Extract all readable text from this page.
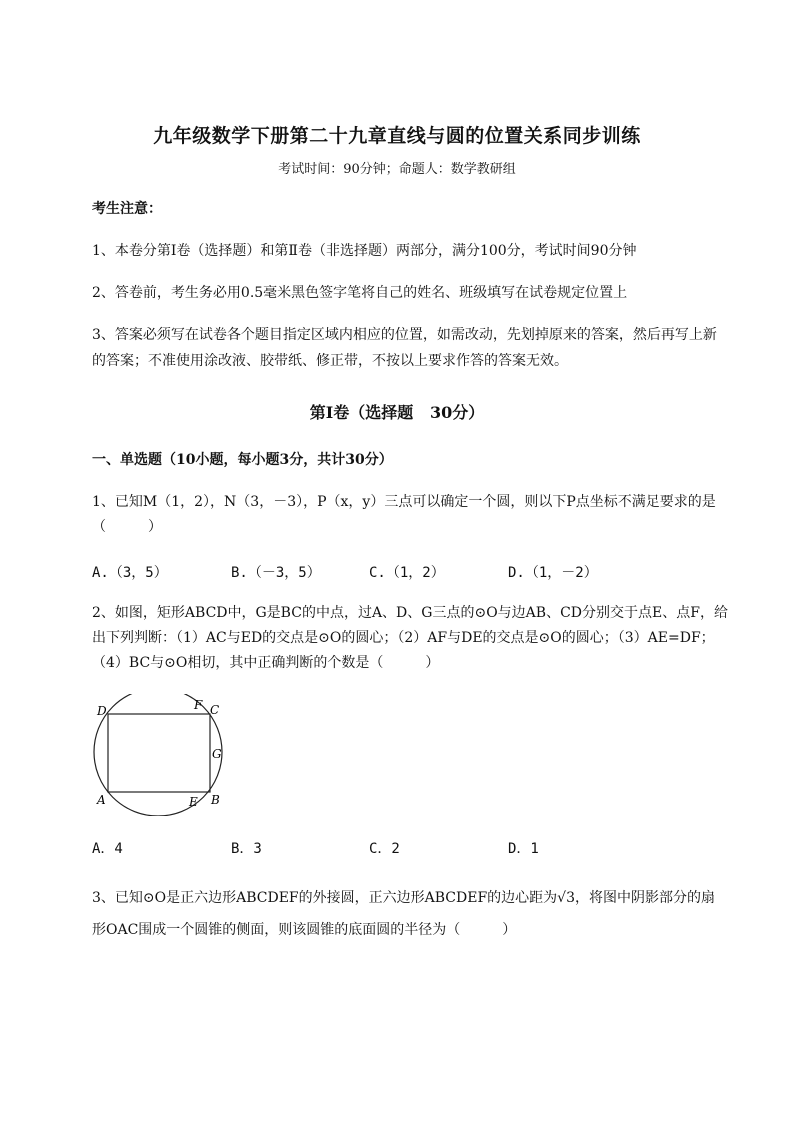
九年级数学下册第二十九章直线与圆的位置关系同步训练
考试时间：90分钟；命题人：数学教研组
考生注意：
1、本卷分第Ⅰ卷（选择题）和第Ⅱ卷（非选择题）两部分，满分100分，考试时间90分钟
2、答卷前，考生务必用0.5毫米黑色签字笔将自己的姓名、班级填写在试卷规定位置上
3、答案必须写在试卷各个题目指定区域内相应的位置，如需改动，先划掉原来的答案，然后再写上新
的答案；不准使用涂改液、胶带纸、修正带，不按以上要求作答的答案无效。
第Ⅰ卷（选择题   30分）
一、单选题（10小题，每小题3分，共计30分）
1、已知M（1，2），N（3，－3），P（x，y）三点可以确定一个圆，则以下P点坐标不满足要求的是
（　　　）
A.（3，5）	B.（－3，5）	C.（1，2）	D.（1，－2）
2、如图，矩形ABCD中，G是BC的中点，过A、D、G三点的⊙O与边AB、CD分别交于点E、点F，给
出下列判断：（1）AC与ED的交点是⊙O的圆心；（2）AF与DE的交点是⊙O的圆心；（3）AE=DF；
（4）BC与⊙O相切，其中正确判断的个数是（　　　）
D	F C
G
A	E B
A．4	B．3	C．2	D．1
3、已知⊙O是正六边形ABCDEF的外接圆，正六边形ABCDEF的边心距为√3，将图中阴影部分的扇
形OAC围成一个圆锥的侧面，则该圆锥的底面圆的半径为（　　　）
